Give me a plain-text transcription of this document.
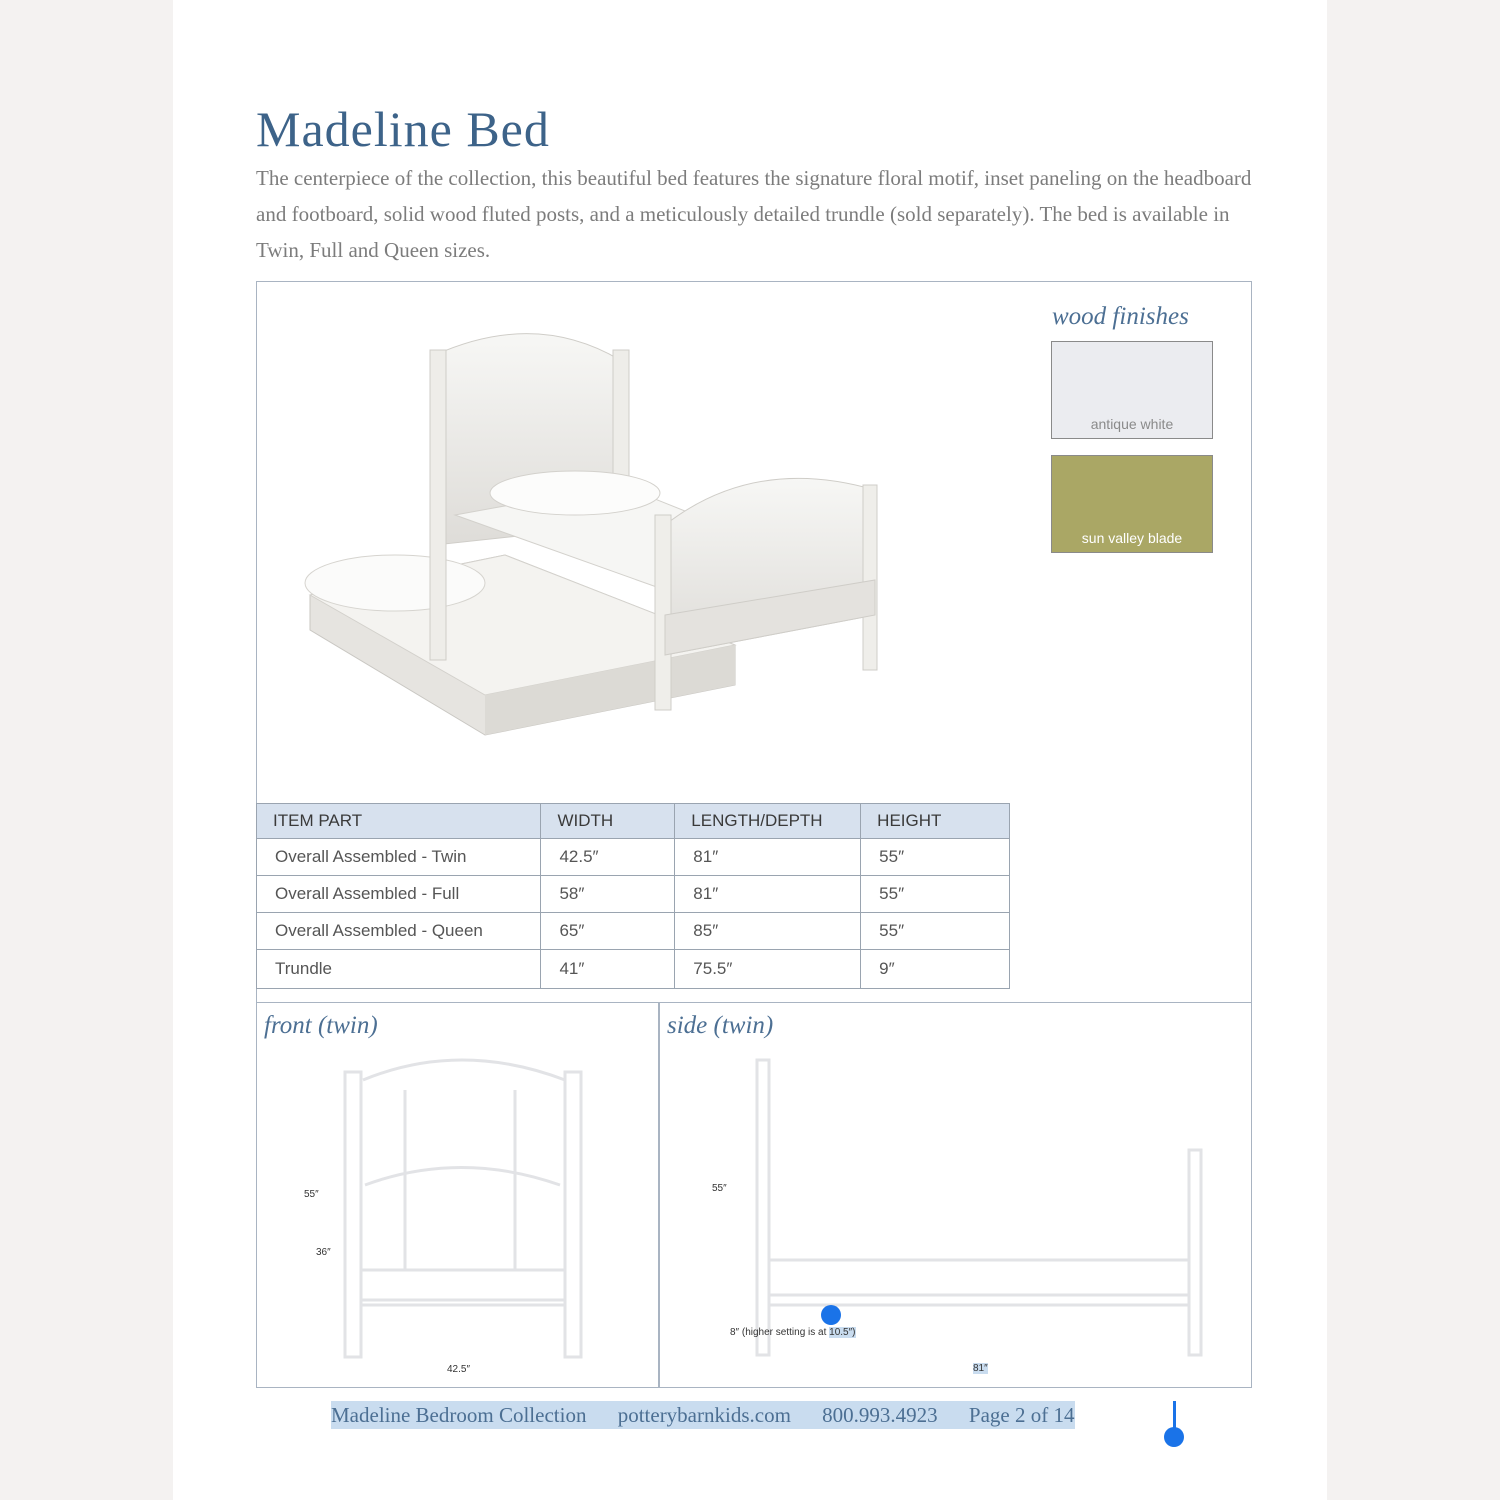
Madeline Bed

The centerpiece of the collection, this beautiful bed features the signature floral motif, inset paneling on the headboard and footboard, solid wood fluted posts, and a meticulously detailed trundle (sold separately). The bed is available in Twin, Full and Queen sizes.

wood finishes
antique white
sun valley blade
ITEM PART	WIDTH	LENGTH/DEPTH	HEIGHT
Overall Assembled - Twin	42.5″	81″	55″
Overall Assembled - Full	58″	81″	55″
Overall Assembled - Queen	65″	85″	55″
Trundle	41″	75.5″	9″
front (twin)
55″
36″
42.5″
side (twin)
55″
8″ (higher setting is at 10.5″)
81″
Madeline Bedroom Collection potterybarnkids.com 800.993.4923 Page 2 of 14
